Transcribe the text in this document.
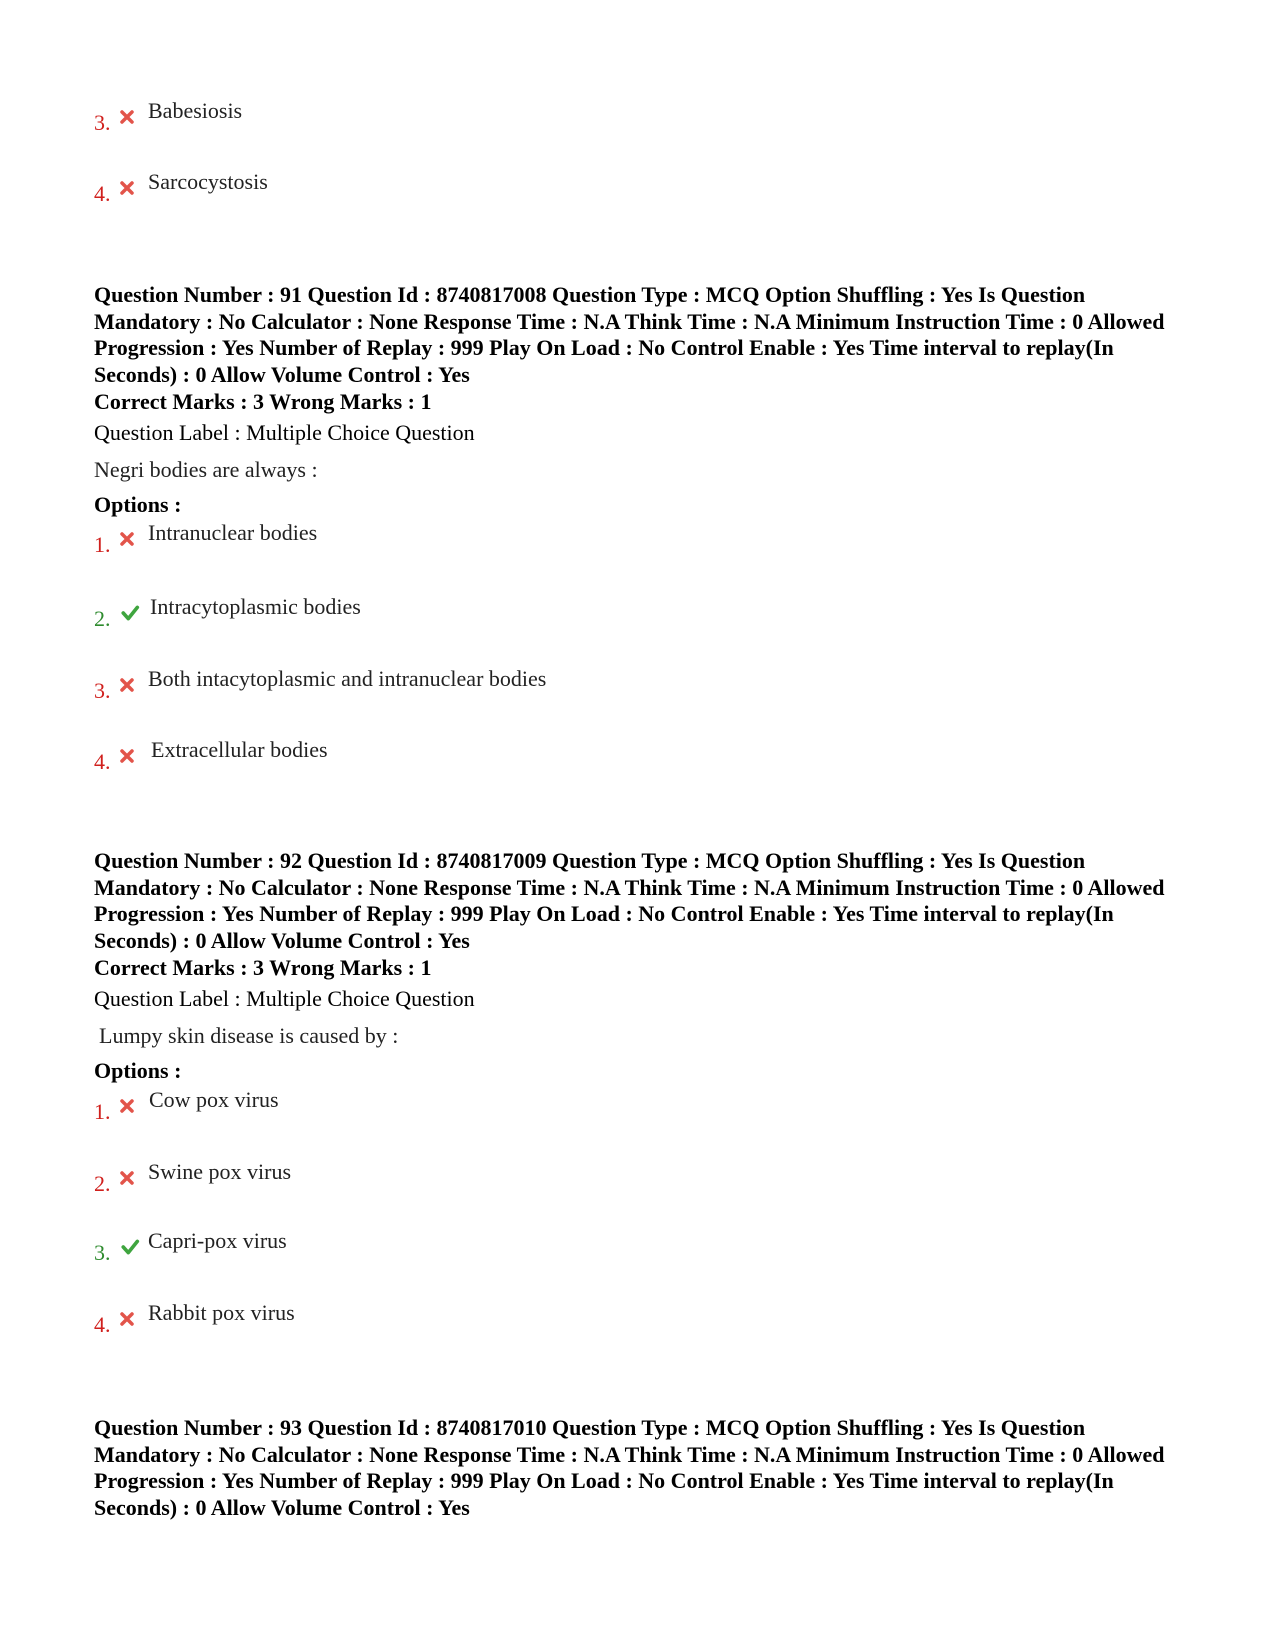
3. Babesiosis
4. Sarcocystosis

Question Number : 91 Question Id : 8740817008 Question Type : MCQ Option Shuffling : Yes Is Question Mandatory : No Calculator : None Response Time : N.A Think Time : N.A Minimum Instruction Time : 0 Allowed Progression : Yes Number of Replay : 999 Play On Load : No Control Enable : Yes Time interval to replay(In Seconds) : 0 Allow Volume Control : Yes

Correct Marks : 3 Wrong Marks : 1

Question Label : Multiple Choice Question

Negri bodies are always :

Options :

1. Intranuclear bodies
2. Intracytoplasmic bodies
3. Both intacytoplasmic and intranuclear bodies
4. Extracellular bodies

Question Number : 92 Question Id : 8740817009 Question Type : MCQ Option Shuffling : Yes Is Question Mandatory : No Calculator : None Response Time : N.A Think Time : N.A Minimum Instruction Time : 0 Allowed Progression : Yes Number of Replay : 999 Play On Load : No Control Enable : Yes Time interval to replay(In Seconds) : 0 Allow Volume Control : Yes

Correct Marks : 3 Wrong Marks : 1

Question Label : Multiple Choice Question

Lumpy skin disease is caused by :

Options :

1. Cow pox virus
2. Swine pox virus
3. Capri-pox virus
4. Rabbit pox virus

Question Number : 93 Question Id : 8740817010 Question Type : MCQ Option Shuffling : Yes Is Question Mandatory : No Calculator : None Response Time : N.A Think Time : N.A Minimum Instruction Time : 0 Allowed Progression : Yes Number of Replay : 999 Play On Load : No Control Enable : Yes Time interval to replay(In Seconds) : 0 Allow Volume Control : Yes
